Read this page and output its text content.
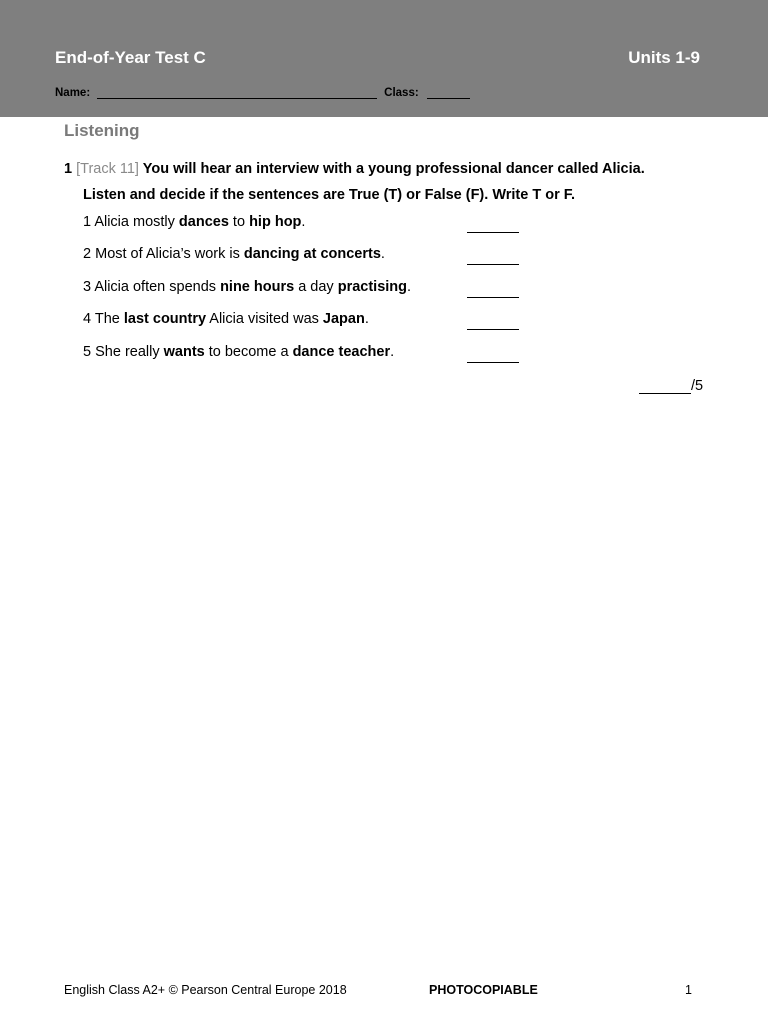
End-of-Year Test C	Units 1-9
Name:	Class:
Listening
1 [Track 11] You will hear an interview with a young professional dancer called Alicia.
Listen and decide if the sentences are True (T) or False (F). Write T or F.
1 Alicia mostly dances to hip hop.
2 Most of Alicia’s work is dancing at concerts.
3 Alicia often spends nine hours a day practising.
4 The last country Alicia visited was Japan.
5 She really wants to become a dance teacher.
/5
English Class A2+ © Pearson Central Europe 2018	PHOTOCOPIABLE	1
